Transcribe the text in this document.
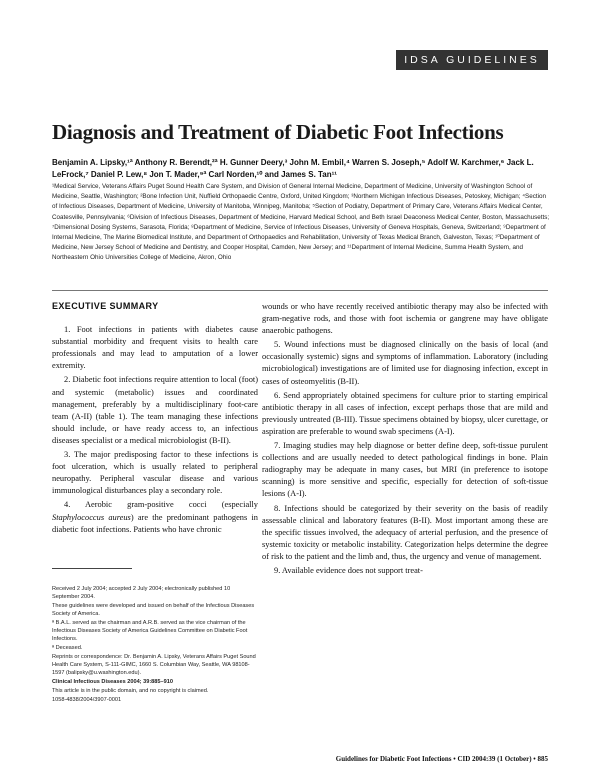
IDSA GUIDELINES
Diagnosis and Treatment of Diabetic Foot Infections
Benjamin A. Lipsky,¹ª Anthony R. Berendt,²ª H. Gunner Deery,³ John M. Embil,⁴ Warren S. Joseph,⁵ Adolf W. Karchmer,⁶ Jack L. LeFrock,⁷ Daniel P. Lew,⁸ Jon T. Mader,⁹ª Carl Norden,¹⁰ and James S. Tan¹¹
¹Medical Service, Veterans Affairs Puget Sound Health Care System, and Division of General Internal Medicine, Department of Medicine, University of Washington School of Medicine, Seattle, Washington; ²Bone Infection Unit, Nuffield Orthopaedic Centre, Oxford, United Kingdom; ³Northern Michigan Infectious Diseases, Petoskey, Michigan; ⁴Section of Infectious Diseases, Department of Medicine, University of Manitoba, Winnipeg, Manitoba; ⁵Section of Podiatry, Department of Primary Care, Veterans Affairs Medical Center, Coatesville, Pennsylvania; ⁶Division of Infectious Diseases, Department of Medicine, Harvard Medical School, and Beth Israel Deaconess Medical Center, Boston, Massachusetts; ⁷Dimensional Dosing Systems, Sarasota, Florida; ⁸Department of Medicine, Service of Infectious Diseases, University of Geneva Hospitals, Geneva, Switzerland; ⁹Department of Internal Medicine, The Marine Biomedical Institute, and Department of Orthopaedics and Rehabilitation, University of Texas Medical Branch, Galveston, Texas; ¹⁰Department of Medicine, New Jersey School of Medicine and Dentistry, and Cooper Hospital, Camden, New Jersey; and ¹¹Department of Internal Medicine, Summa Health System, and Northeastern Ohio Universities College of Medicine, Akron, Ohio
EXECUTIVE SUMMARY

1. Foot infections in patients with diabetes cause substantial morbidity and frequent visits to health care professionals and may lead to amputation of a lower extremity.

2. Diabetic foot infections require attention to local (foot) and systemic (metabolic) issues and coordinated management, preferably by a multidisciplinary foot-care team (A-II) (table 1). The team managing these infections should include, or have ready access to, an infectious diseases specialist or a medical microbiologist (B-II).

3. The major predisposing factor to these infections is foot ulceration, which is usually related to peripheral neuropathy. Peripheral vascular disease and various immunological disturbances play a secondary role.

4. Aerobic gram-positive cocci (especially Staphylococcus aureus) are the predominant pathogens in diabetic foot infections. Patients who have chronic

wounds or who have recently received antibiotic therapy may also be infected with gram-negative rods, and those with foot ischemia or gangrene may have obligate anaerobic pathogens.

5. Wound infections must be diagnosed clinically on the basis of local (and occasionally systemic) signs and symptoms of inflammation. Laboratory (including microbiological) investigations are of limited use for diagnosing infection, except in cases of osteomyelitis (B-II).

6. Send appropriately obtained specimens for culture prior to starting empirical antibiotic therapy in all cases of infection, except perhaps those that are mild and previously untreated (B-III). Tissue specimens obtained by biopsy, ulcer curettage, or aspiration are preferable to wound swab specimens (A-I).

7. Imaging studies may help diagnose or better define deep, soft-tissue purulent collections and are usually needed to detect pathological findings in bone. Plain radiography may be adequate in many cases, but MRI (in preference to isotope scanning) is more sensitive and specific, especially for detection of soft-tissue lesions (A-I).

8. Infections should be categorized by their severity on the basis of readily assessable clinical and laboratory features (B-II). Most important among these are the specific tissues involved, the adequacy of arterial perfusion, and the presence of systemic toxicity or metabolic instability. Categorization helps determine the degree of risk to the patient and the limb and, thus, the urgency and venue of management.

9. Available evidence does not support treat-

Received 2 July 2004; accepted 2 July 2004; electronically published 10 September 2004.
These guidelines were developed and issued on behalf of the Infectious Diseases Society of America.
ª B.A.L. served as the chairman and A.R.B. served as the vice chairman of the Infectious Diseases Society of America Guidelines Committee on Diabetic Foot Infections.
ª Deceased.
Reprints or correspondence: Dr. Benjamin A. Lipsky, Veterans Affairs Puget Sound Health Care System, S-111-GIMC, 1660 S. Columbian Way, Seattle, WA 98108-1597 (balipsky@u.washington.edu).
Clinical Infectious Diseases 2004; 39:885–910
This article is in the public domain, and no copyright is claimed.
1058-4838/2004/3907-0001
Guidelines for Diabetic Foot Infections • CID 2004:39 (1 October) • 885
